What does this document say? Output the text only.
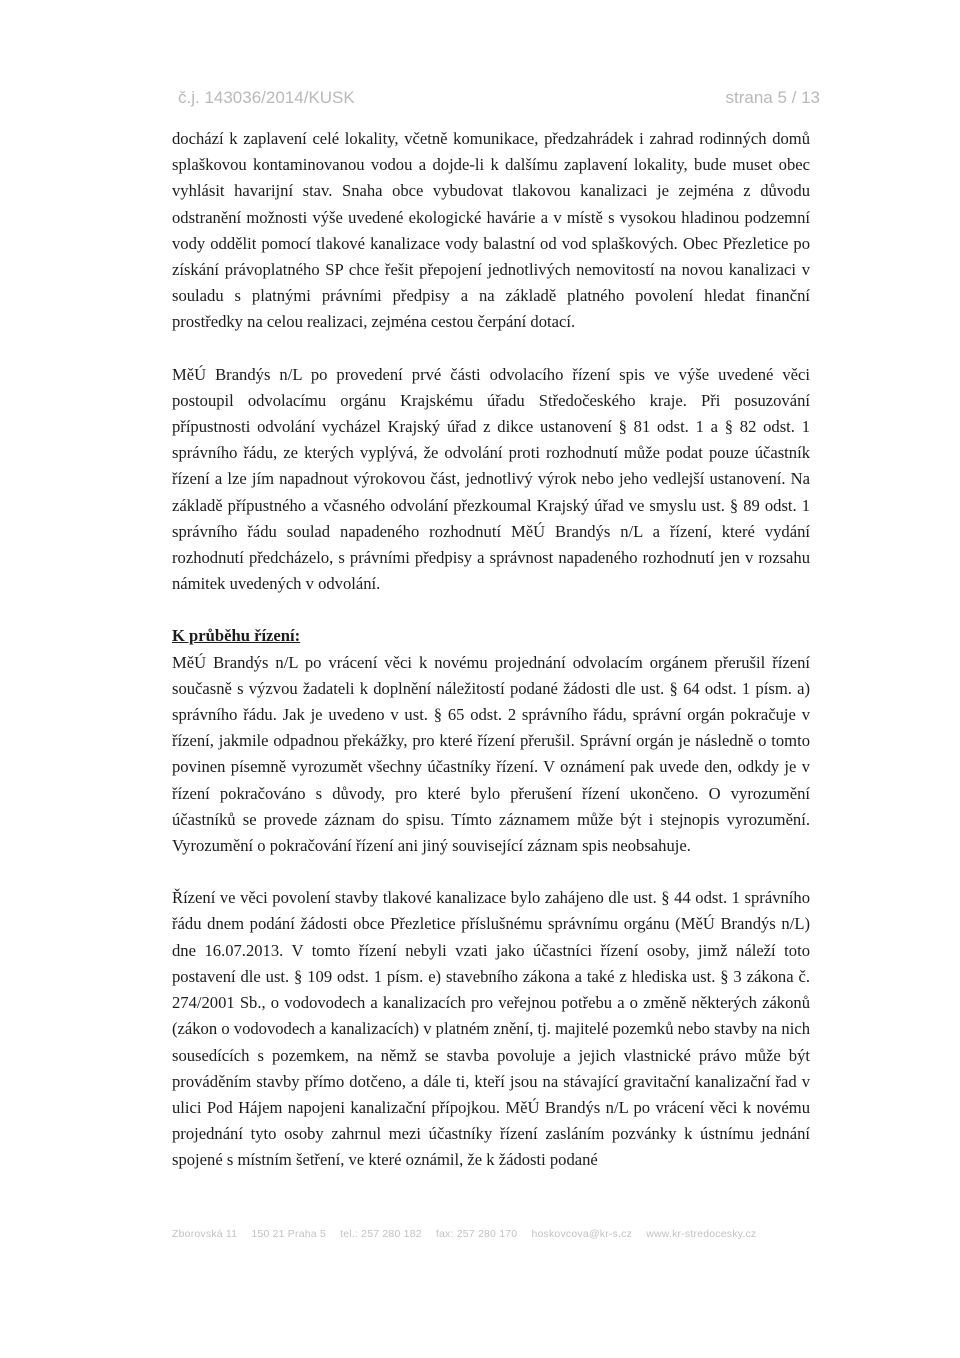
č.j. 143036/2014/KUSK	strana 5 / 13

dochází k zaplavení celé lokality, včetně komunikace, předzahrádek i zahrad rodinných domů splaškovou kontaminovanou vodou a dojde-li k dalšímu zaplavení lokality, bude muset obec vyhlásit havarijní stav. Snaha obce vybudovat tlakovou kanalizaci je zejména z důvodu odstranění možnosti výše uvedené ekologické havárie a v místě s vysokou hladinou podzemní vody oddělit pomocí tlakové kanalizace vody balastní od vod splaškových. Obec Přezletice po získání právoplatného SP chce řešit přepojení jednotlivých nemovitostí na novou kanalizaci v souladu s platnými právními předpisy a na základě platného povolení hledat finanční prostředky na celou realizaci, zejména cestou čerpání dotací.

MěÚ Brandýs n/L po provedení prvé části odvolacího řízení spis ve výše uvedené věci postoupil odvolacímu orgánu Krajskému úřadu Středočeského kraje. Při posuzování přípustnosti odvolání vycházel Krajský úřad z dikce ustanovení § 81 odst. 1 a § 82 odst. 1 správního řádu, ze kterých vyplývá, že odvolání proti rozhodnutí může podat pouze účastník řízení a lze jím napadnout výrokovou část, jednotlivý výrok nebo jeho vedlejší ustanovení. Na základě přípustného a včasného odvolání přezkoumal Krajský úřad ve smyslu ust. § 89 odst. 1 správního řádu soulad napadeného rozhodnutí MěÚ Brandýs n/L a řízení, které vydání rozhodnutí předcházelo, s právními předpisy a správnost napadeného rozhodnutí jen v rozsahu námitek uvedených v odvolání.

K průběhu řízení:

MěÚ Brandýs n/L po vrácení věci k novému projednání odvolacím orgánem přerušil řízení současně s výzvou žadateli k doplnění náležitostí podané žádosti dle ust. § 64 odst. 1 písm. a) správního řádu. Jak je uvedeno v ust. § 65 odst. 2 správního řádu, správní orgán pokračuje v řízení, jakmile odpadnou překážky, pro které řízení přerušil. Správní orgán je následně o tomto povinen písemně vyrozumět všechny účastníky řízení. V oznámení pak uvede den, odkdy je v řízení pokračováno s důvody, pro které bylo přerušení řízení ukončeno. O vyrozumění účastníků se provede záznam do spisu. Tímto záznamem může být i stejnopis vyrozumění. Vyrozumění o pokračování řízení ani jiný související záznam spis neobsahuje.

Řízení ve věci povolení stavby tlakové kanalizace bylo zahájeno dle ust. § 44 odst. 1 správního řádu dnem podání žádosti obce Přezletice příslušnému správnímu orgánu (MěÚ Brandýs n/L) dne 16.07.2013. V tomto řízení nebyli vzati jako účastníci řízení osoby, jimž náleží toto postavení dle ust. § 109 odst. 1 písm. e) stavebního zákona a také z hlediska ust. § 3 zákona č. 274/2001 Sb., o vodovodech a kanalizacích pro veřejnou potřebu a o změně některých zákonů (zákon o vodovodech a kanalizacích) v platném znění, tj. majitelé pozemků nebo stavby na nich sousedících s pozemkem, na němž se stavba povoluje a jejich vlastnické právo může být prováděním stavby přímo dotčeno, a dále ti, kteří jsou na stávající gravitační kanalizační řad v ulici Pod Hájem napojeni kanalizační přípojkou. MěÚ Brandýs n/L po vrácení věci k novému projednání tyto osoby zahrnul mezi účastníky řízení zasláním pozvánky k ústnímu jednání spojené s místním šetření, ve které oznámil, že k žádosti podané

Zborovská 11 150 21 Praha 5 tel.: 257 280 182 fax: 257 280 170 hoskovcova@kr-s.cz www.kr-stredocesky.cz
